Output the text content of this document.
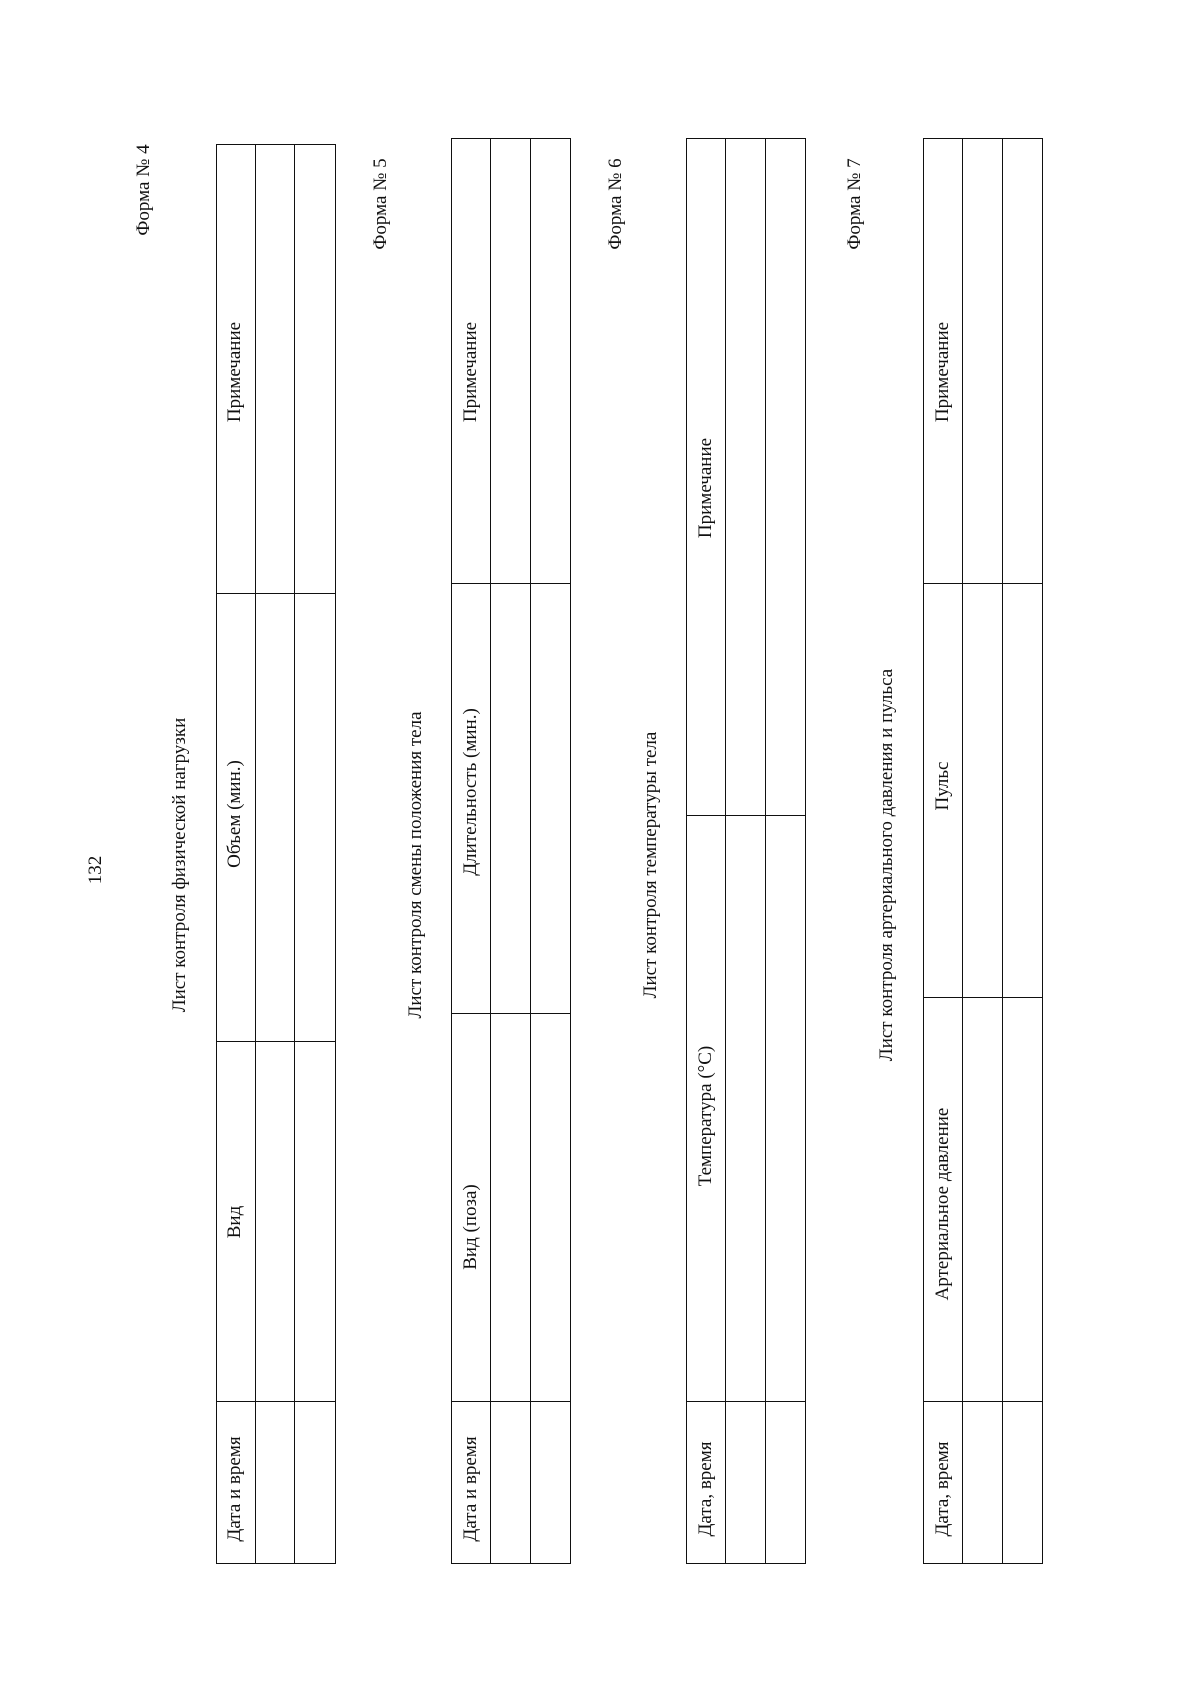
132
Форма № 4
Лист контроля физической нагрузки
Дата и время
Вид
Объем (мин.)
Примечание
Форма № 5
Лист контроля смены положения тела
Дата и время
Вид (поза)
Длительность (мин.)
Примечание
Форма № 6
Лист контроля температуры тела
Дата, время
Температура (°С)
Примечание
Форма № 7
Лист контроля артериального давления и пульса
Дата, время
Артериальное давление
Пульс
Примечание
